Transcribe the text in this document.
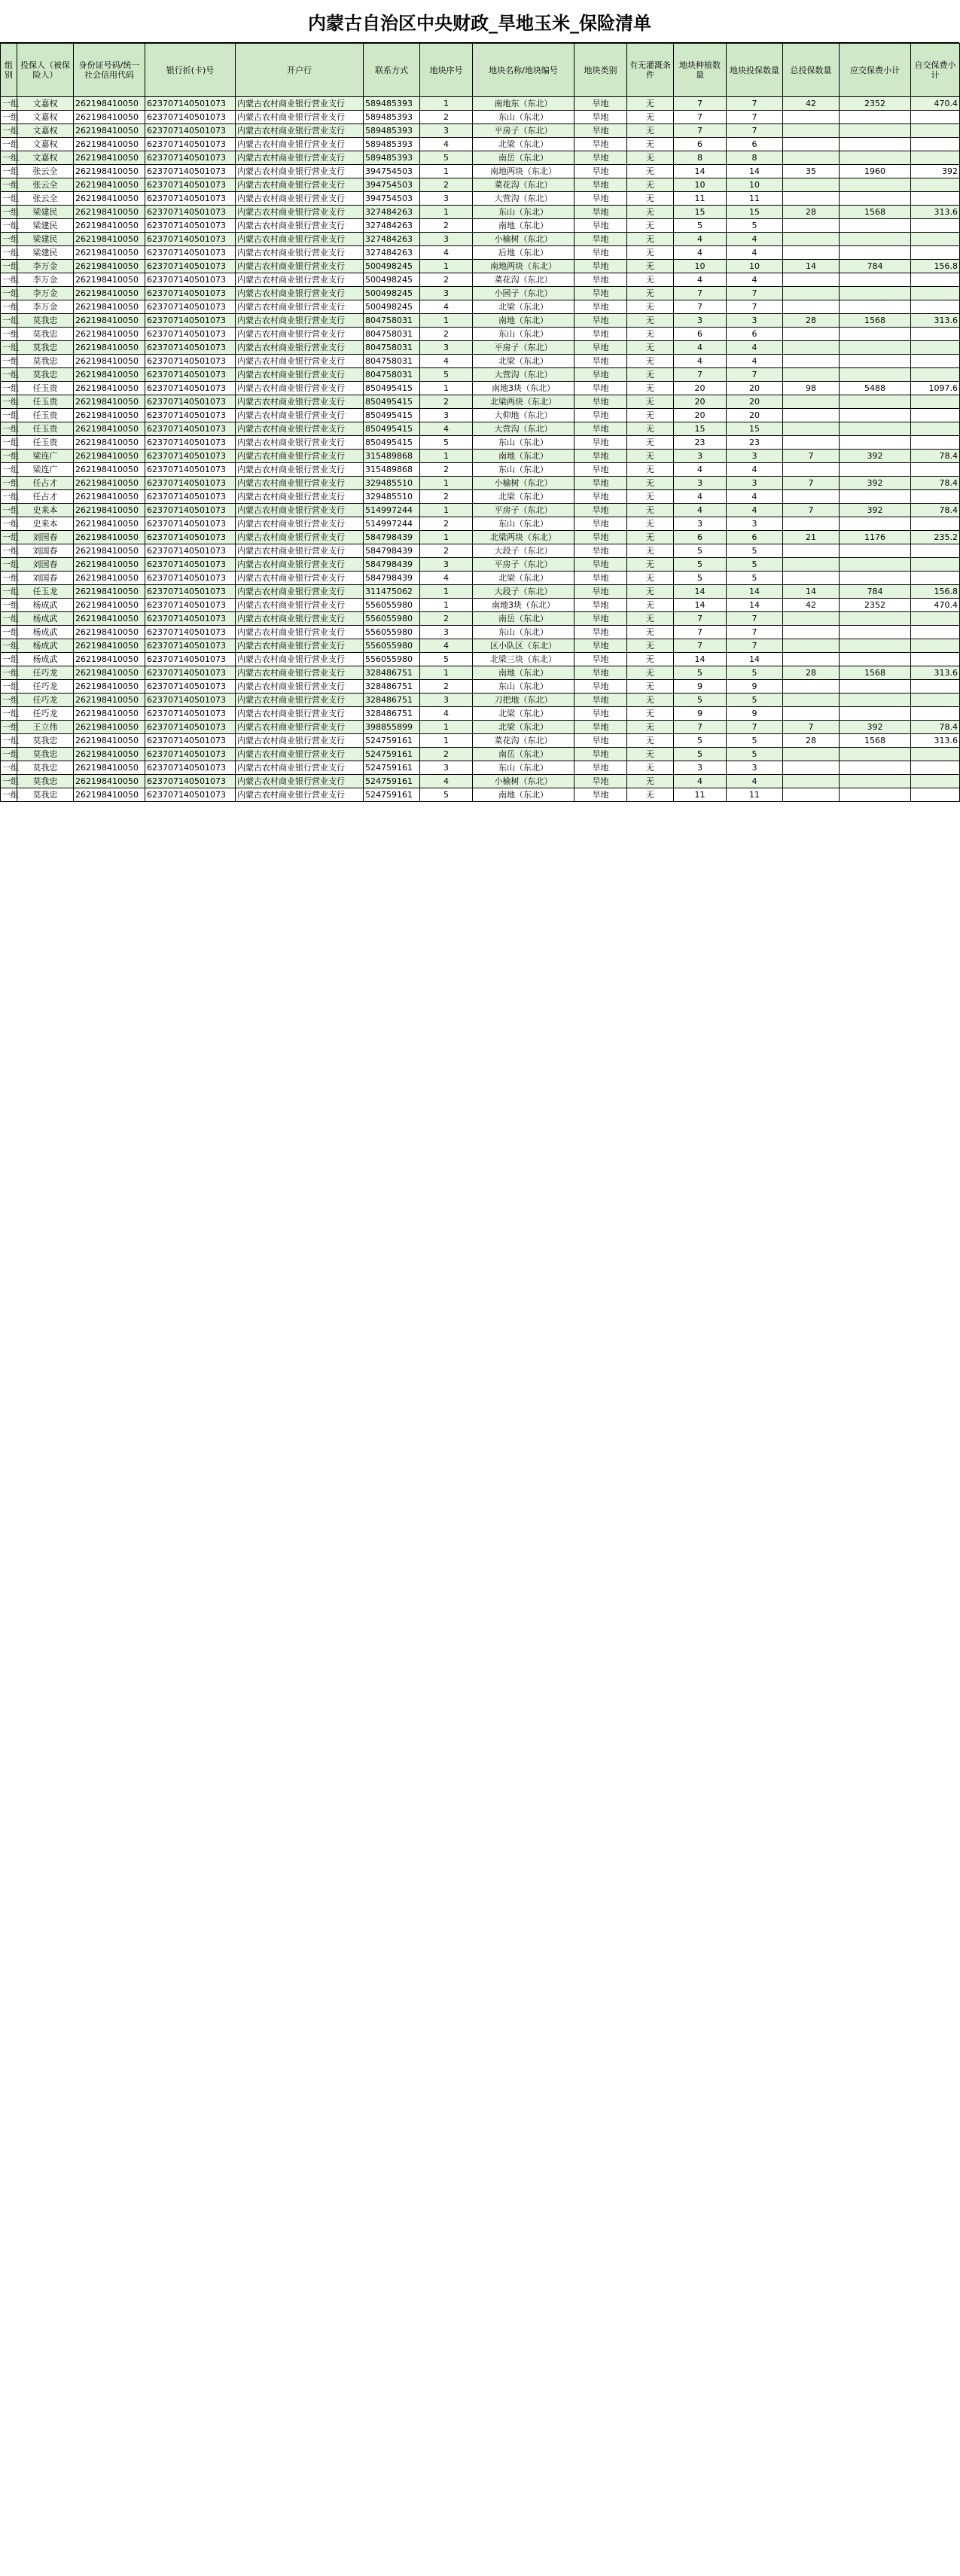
内蒙古自治区中央财政_旱地玉米_保险清单
组别	投保人（被保险人）	身份证号码/统一社会信用代码	银行折(卡)号	开户行	联系方式	地块序号	地块名称/地块编号	地块类别	有无灌溉条件	地块种植数量	地块投保数量	总投保数量	应交保费小计	自交保费小计
一组	文嘉权	262198410050	623707140501073	内蒙古农村商业银行营业支行	589485393	1	南地东（东北）	旱地	无	7	7	42	2352	470.4
一组	文嘉权	262198410050	623707140501073	内蒙古农村商业银行营业支行	589485393	2	东山（东北）	旱地	无	7	7			
一组	文嘉权	262198410050	623707140501073	内蒙古农村商业银行营业支行	589485393	3	平房子（东北）	旱地	无	7	7			
一组	文嘉权	262198410050	623707140501073	内蒙古农村商业银行营业支行	589485393	4	北梁（东北）	旱地	无	6	6			
一组	文嘉权	262198410050	623707140501073	内蒙古农村商业银行营业支行	589485393	5	南岳（东北）	旱地	无	8	8			
一组	张云全	262198410050	623707140501073	内蒙古农村商业银行营业支行	394754503	1	南地两块（东北）	旱地	无	14	14	35	1960	392
一组	张云全	262198410050	623707140501073	内蒙古农村商业银行营业支行	394754503	2	菜花沟（东北）	旱地	无	10	10			
一组	张云全	262198410050	623707140501073	内蒙古农村商业银行营业支行	394754503	3	大营沟（东北）	旱地	无	11	11			
一组	梁建民	262198410050	623707140501073	内蒙古农村商业银行营业支行	327484263	1	东山（东北）	旱地	无	15	15	28	1568	313.6
一组	梁建民	262198410050	623707140501073	内蒙古农村商业银行营业支行	327484263	2	南地（东北）	旱地	无	5	5			
一组	梁建民	262198410050	623707140501073	内蒙古农村商业银行营业支行	327484263	3	小榆树（东北）	旱地	无	4	4			
一组	梁建民	262198410050	623707140501073	内蒙古农村商业银行营业支行	327484263	4	后地（东北）	旱地	无	4	4			
一组	李万金	262198410050	623707140501073	内蒙古农村商业银行营业支行	500498245	1	南地两块（东北）	旱地	无	10	10	14	784	156.8
一组	李万金	262198410050	623707140501073	内蒙古农村商业银行营业支行	500498245	2	菜花沟（东北）	旱地	无	4	4			
一组	李万金	262198410050	623707140501073	内蒙古农村商业银行营业支行	500498245	3	小园子（东北）	旱地	无	7	7			
一组	李万金	262198410050	623707140501073	内蒙古农村商业银行营业支行	500498245	4	北梁（东北）	旱地	无	7	7			
一组	莫我忠	262198410050	623707140501073	内蒙古农村商业银行营业支行	804758031	1	南地（东北）	旱地	无	3	3	28	1568	313.6
一组	莫我忠	262198410050	623707140501073	内蒙古农村商业银行营业支行	804758031	2	东山（东北）	旱地	无	6	6			
一组	莫我忠	262198410050	623707140501073	内蒙古农村商业银行营业支行	804758031	3	平房子（东北）	旱地	无	4	4			
一组	莫我忠	262198410050	623707140501073	内蒙古农村商业银行营业支行	804758031	4	北梁（东北）	旱地	无	4	4			
一组	莫我忠	262198410050	623707140501073	内蒙古农村商业银行营业支行	804758031	5	大营沟（东北）	旱地	无	7	7			
一组	任玉贵	262198410050	623707140501073	内蒙古农村商业银行营业支行	850495415	1	南地3块（东北）	旱地	无	20	20	98	5488	1097.6
一组	任玉贵	262198410050	623707140501073	内蒙古农村商业银行营业支行	850495415	2	北梁两块（东北）	旱地	无	20	20			
一组	任玉贵	262198410050	623707140501073	内蒙古农村商业银行营业支行	850495415	3	大仰地（东北）	旱地	无	20	20			
一组	任玉贵	262198410050	623707140501073	内蒙古农村商业银行营业支行	850495415	4	大营沟（东北）	旱地	无	15	15			
一组	任玉贵	262198410050	623707140501073	内蒙古农村商业银行营业支行	850495415	5	东山（东北）	旱地	无	23	23			
一组	梁连广	262198410050	623707140501073	内蒙古农村商业银行营业支行	315489868	1	南地（东北）	旱地	无	3	3	7	392	78.4
一组	梁连广	262198410050	623707140501073	内蒙古农村商业银行营业支行	315489868	2	东山（东北）	旱地	无	4	4			
一组	任占才	262198410050	623707140501073	内蒙古农村商业银行营业支行	329485510	1	小榆树（东北）	旱地	无	3	3	7	392	78.4
一组	任占才	262198410050	623707140501073	内蒙古农村商业银行营业支行	329485510	2	北梁（东北）	旱地	无	4	4			
一组	史来本	262198410050	623707140501073	内蒙古农村商业银行营业支行	514997244	1	平房子（东北）	旱地	无	4	4	7	392	78.4
一组	史来本	262198410050	623707140501073	内蒙古农村商业银行营业支行	514997244	2	东山（东北）	旱地	无	3	3			
一组	刘国春	262198410050	623707140501073	内蒙古农村商业银行营业支行	584798439	1	北梁两块（东北）	旱地	无	6	6	21	1176	235.2
一组	刘国春	262198410050	623707140501073	内蒙古农村商业银行营业支行	584798439	2	大段子（东北）	旱地	无	5	5			
一组	刘国春	262198410050	623707140501073	内蒙古农村商业银行营业支行	584798439	3	平房子（东北）	旱地	无	5	5			
一组	刘国春	262198410050	623707140501073	内蒙古农村商业银行营业支行	584798439	4	北梁（东北）	旱地	无	5	5			
一组	任玉龙	262198410050	623707140501073	内蒙古农村商业银行营业支行	311475062	1	大段子（东北）	旱地	无	14	14	14	784	156.8
一组	杨成武	262198410050	623707140501073	内蒙古农村商业银行营业支行	556055980	1	南地3块（东北）	旱地	无	14	14	42	2352	470.4
一组	杨成武	262198410050	623707140501073	内蒙古农村商业银行营业支行	556055980	2	南岳（东北）	旱地	无	7	7			
一组	杨成武	262198410050	623707140501073	内蒙古农村商业银行营业支行	556055980	3	东山（东北）	旱地	无	7	7			
一组	杨成武	262198410050	623707140501073	内蒙古农村商业银行营业支行	556055980	4	区小队区（东北）	旱地	无	7	7			
一组	杨成武	262198410050	623707140501073	内蒙古农村商业银行营业支行	556055980	5	北梁三块（东北）	旱地	无	14	14			
一组	任巧龙	262198410050	623707140501073	内蒙古农村商业银行营业支行	328486751	1	南地（东北）	旱地	无	5	5	28	1568	313.6
一组	任巧龙	262198410050	623707140501073	内蒙古农村商业银行营业支行	328486751	2	东山（东北）	旱地	无	9	9			
一组	任巧龙	262198410050	623707140501073	内蒙古农村商业银行营业支行	328486751	3	刀把地（东北）	旱地	无	5	5			
一组	任巧龙	262198410050	623707140501073	内蒙古农村商业银行营业支行	328486751	4	北梁（东北）	旱地	无	9	9			
一组	王立伟	262198410050	623707140501073	内蒙古农村商业银行营业支行	398855899	1	北梁（东北）	旱地	无	7	7	7	392	78.4
一组	莫我忠	262198410050	623707140501073	内蒙古农村商业银行营业支行	524759161	1	菜花沟（东北）	旱地	无	5	5	28	1568	313.6
一组	莫我忠	262198410050	623707140501073	内蒙古农村商业银行营业支行	524759161	2	南岳（东北）	旱地	无	5	5			
一组	莫我忠	262198410050	623707140501073	内蒙古农村商业银行营业支行	524759161	3	东山（东北）	旱地	无	3	3			
一组	莫我忠	262198410050	623707140501073	内蒙古农村商业银行营业支行	524759161	4	小榆树（东北）	旱地	无	4	4			
一组	莫我忠	262198410050	623707140501073	内蒙古农村商业银行营业支行	524759161	5	南地（东北）	旱地	无	11	11			
